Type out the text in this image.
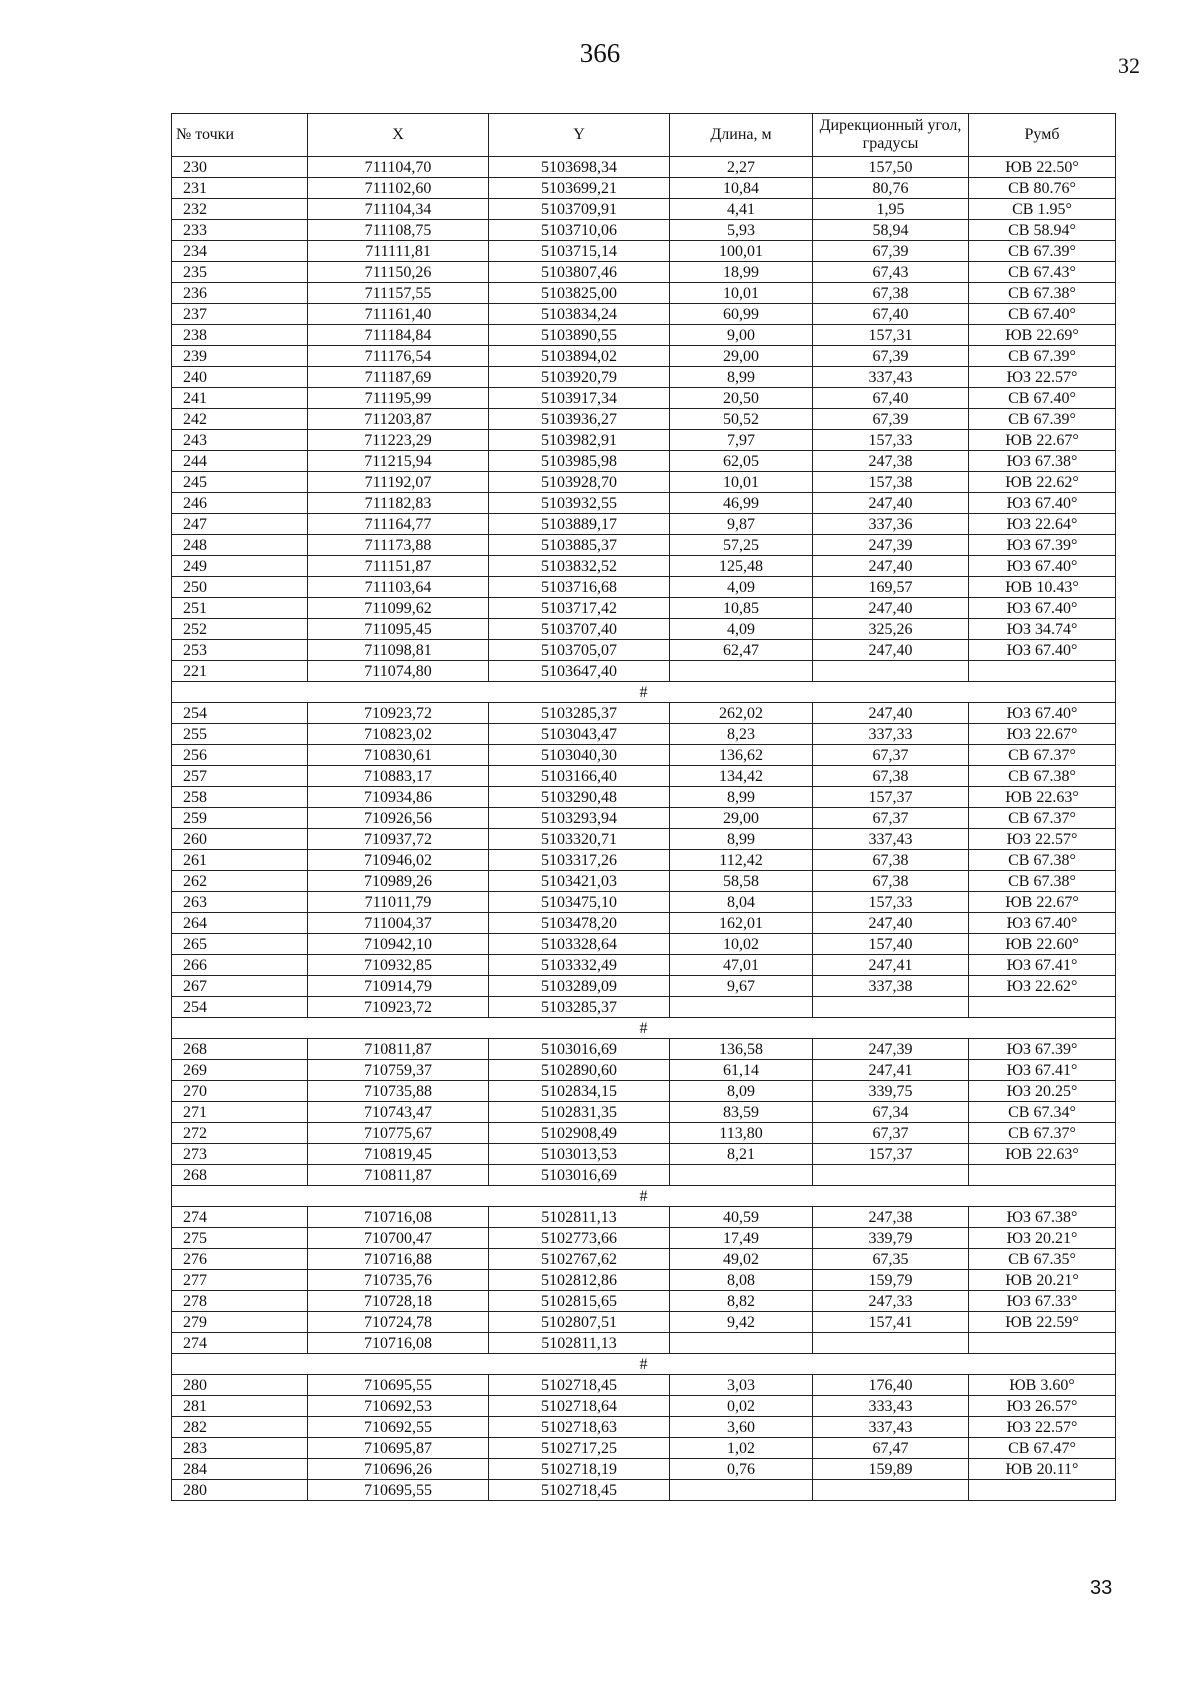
366	32
№ точки	X	Y	Длина, м	Дирекционный угол, градусы	Румб
230	711104,70	5103698,34	2,27	157,50	ЮВ 22.50°
231	711102,60	5103699,21	10,84	80,76	СВ 80.76°
232	711104,34	5103709,91	4,41	1,95	СВ 1.95°
233	711108,75	5103710,06	5,93	58,94	СВ 58.94°
234	711111,81	5103715,14	100,01	67,39	СВ 67.39°
235	711150,26	5103807,46	18,99	67,43	СВ 67.43°
236	711157,55	5103825,00	10,01	67,38	СВ 67.38°
237	711161,40	5103834,24	60,99	67,40	СВ 67.40°
238	711184,84	5103890,55	9,00	157,31	ЮВ 22.69°
239	711176,54	5103894,02	29,00	67,39	СВ 67.39°
240	711187,69	5103920,79	8,99	337,43	ЮЗ 22.57°
241	711195,99	5103917,34	20,50	67,40	СВ 67.40°
242	711203,87	5103936,27	50,52	67,39	СВ 67.39°
243	711223,29	5103982,91	7,97	157,33	ЮВ 22.67°
244	711215,94	5103985,98	62,05	247,38	ЮЗ 67.38°
245	711192,07	5103928,70	10,01	157,38	ЮВ 22.62°
246	711182,83	5103932,55	46,99	247,40	ЮЗ 67.40°
247	711164,77	5103889,17	9,87	337,36	ЮЗ 22.64°
248	711173,88	5103885,37	57,25	247,39	ЮЗ 67.39°
249	711151,87	5103832,52	125,48	247,40	ЮЗ 67.40°
250	711103,64	5103716,68	4,09	169,57	ЮВ 10.43°
251	711099,62	5103717,42	10,85	247,40	ЮЗ 67.40°
252	711095,45	5103707,40	4,09	325,26	ЮЗ 34.74°
253	711098,81	5103705,07	62,47	247,40	ЮЗ 67.40°
221	711074,80	5103647,40			
#					
254	710923,72	5103285,37	262,02	247,40	ЮЗ 67.40°
255	710823,02	5103043,47	8,23	337,33	ЮЗ 22.67°
256	710830,61	5103040,30	136,62	67,37	СВ 67.37°
257	710883,17	5103166,40	134,42	67,38	СВ 67.38°
258	710934,86	5103290,48	8,99	157,37	ЮВ 22.63°
259	710926,56	5103293,94	29,00	67,37	СВ 67.37°
260	710937,72	5103320,71	8,99	337,43	ЮЗ 22.57°
261	710946,02	5103317,26	112,42	67,38	СВ 67.38°
262	710989,26	5103421,03	58,58	67,38	СВ 67.38°
263	711011,79	5103475,10	8,04	157,33	ЮВ 22.67°
264	711004,37	5103478,20	162,01	247,40	ЮЗ 67.40°
265	710942,10	5103328,64	10,02	157,40	ЮВ 22.60°
266	710932,85	5103332,49	47,01	247,41	ЮЗ 67.41°
267	710914,79	5103289,09	9,67	337,38	ЮЗ 22.62°
254	710923,72	5103285,37			
#					
268	710811,87	5103016,69	136,58	247,39	ЮЗ 67.39°
269	710759,37	5102890,60	61,14	247,41	ЮЗ 67.41°
270	710735,88	5102834,15	8,09	339,75	ЮЗ 20.25°
271	710743,47	5102831,35	83,59	67,34	СВ 67.34°
272	710775,67	5102908,49	113,80	67,37	СВ 67.37°
273	710819,45	5103013,53	8,21	157,37	ЮВ 22.63°
268	710811,87	5103016,69			
#					
274	710716,08	5102811,13	40,59	247,38	ЮЗ 67.38°
275	710700,47	5102773,66	17,49	339,79	ЮЗ 20.21°
276	710716,88	5102767,62	49,02	67,35	СВ 67.35°
277	710735,76	5102812,86	8,08	159,79	ЮВ 20.21°
278	710728,18	5102815,65	8,82	247,33	ЮЗ 67.33°
279	710724,78	5102807,51	9,42	157,41	ЮВ 22.59°
274	710716,08	5102811,13			
#					
280	710695,55	5102718,45	3,03	176,40	ЮВ 3.60°
281	710692,53	5102718,64	0,02	333,43	ЮЗ 26.57°
282	710692,55	5102718,63	3,60	337,43	ЮЗ 22.57°
283	710695,87	5102717,25	1,02	67,47	СВ 67.47°
284	710696,26	5102718,19	0,76	159,89	ЮВ 20.11°
280	710695,55	5102718,45			
33
